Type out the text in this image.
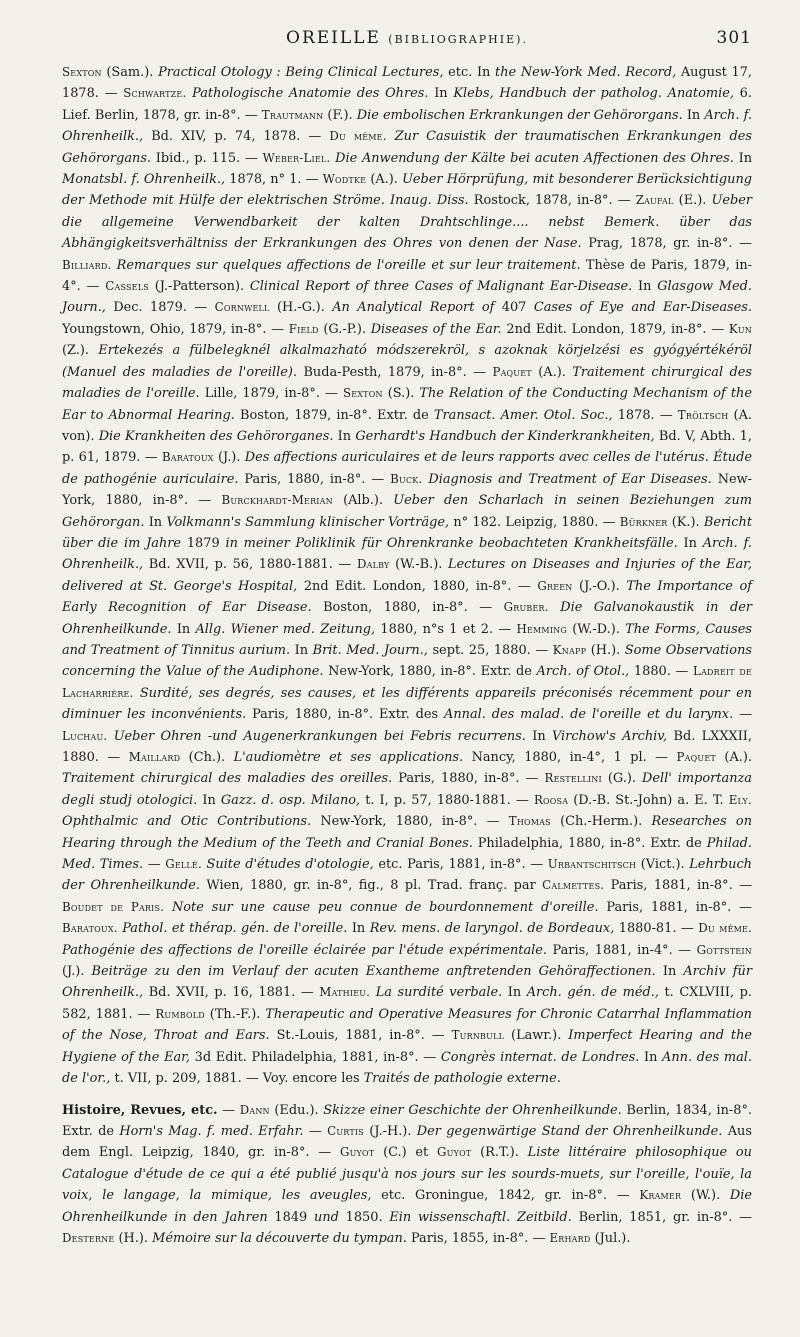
OREILLE (BIBLIOGRAPHIE).	301

Sexton (Sam.). Practical Otology : Being Clinical Lectures, etc. In the New-York Med. Record, August 17, 1878. — Schwartze. Pathologische Anatomie des Ohres. In Klebs, Handbuch der patholog. Anatomie, 6. Lief. Berlin, 1878, gr. in-8°. — Trautmann (F.). Die embolischen Erkrankungen der Gehörorgans. In Arch. f. Ohrenheilk., Bd. XIV, p. 74, 1878. — Du même. Zur Casuistik der traumatischen Erkrankungen des Gehörorgans. Ibid., p. 115. — Weber-Liel. Die Anwendung der Kälte bei acuten Affectionen des Ohres. In Monatsbl. f. Ohrenheilk., 1878, n° 1. — Wodtke (A.). Ueber Hörprüfung, mit besonderer Berücksichtigung der Methode mit Hülfe der elektrischen Ströme. Inaug. Diss. Rostock, 1878, in-8°. — Zaufal (E.). Ueber die allgemeine Verwendbarkeit der kalten Drahtschlinge.... nebst Bemerk. über das Abhängigkeitsverhältniss der Erkrankungen des Ohres von denen der Nase. Prag, 1878, gr. in-8°. — Billiard. Remarques sur quelques affections de l'oreille et sur leur traitement. Thèse de Paris, 1879, in-4°. — Cassels (J.-Patterson). Clinical Report of three Cases of Malignant Ear-Disease. In Glasgow Med. Journ., Dec. 1879. — Cornwell (H.-G.). An Analytical Report of 407 Cases of Eye and Ear-Diseases. Youngstown, Ohio, 1879, in-8°. — Field (G.-P.). Diseases of the Ear. 2nd Edit. London, 1879, in-8°. — Kun (Z.). Ertekezés a fülbelegknél alkalmazható módszerekröl, s azoknak körjelzési es gyógyértékéröl (Manuel des maladies de l'oreille). Buda-Pesth, 1879, in-8°. — Paquet (A.). Traitement chirurgical des maladies de l'oreille. Lille, 1879, in-8°. — Sexton (S.). The Relation of the Conducting Mechanism of the Ear to Abnormal Hearing. Boston, 1879, in-8°. Extr. de Transact. Amer. Otol. Soc., 1878. — Tröltsch (A. von). Die Krankheiten des Gehörorganes. In Gerhardt's Handbuch der Kinderkrankheiten, Bd. V, Abth. 1, p. 61, 1879. — Baratoux (J.). Des affections auriculaires et de leurs rapports avec celles de l'utérus. Étude de pathogénie auriculaire. Paris, 1880, in-8°. — Buck. Diagnosis and Treatment of Ear Diseases. New-York, 1880, in-8°. — Burckhardt-Merian (Alb.). Ueber den Scharlach in seinen Beziehungen zum Gehörorgan. In Volkmann's Sammlung klinischer Vorträge, n° 182. Leipzig, 1880. — Bürkner (K.). Bericht über die im Jahre 1879 in meiner Poliklinik für Ohrenkranke beobachteten Krankheitsfälle. In Arch. f. Ohrenheilk., Bd. XVII, p. 56, 1880-1881. — Dalby (W.-B.). Lectures on Diseases and Injuries of the Ear, delivered at St. George's Hospital, 2nd Edit. London, 1880, in-8°. — Green (J.-O.). The Importance of Early Recognition of Ear Disease. Boston, 1880, in-8°. — Gruber. Die Galvanokaustik in der Ohrenheilkunde. In Allg. Wiener med. Zeitung, 1880, n°s 1 et 2. — Hemming (W.-D.). The Forms, Causes and Treatment of Tinnitus aurium. In Brit. Med. Journ., sept. 25, 1880. — Knapp (H.). Some Observations concerning the Value of the Audiphone. New-York, 1880, in-8°. Extr. de Arch. of Otol., 1880. — Ladreit de Lacharrière. Surdité, ses degrés, ses causes, et les différents appareils préconisés récemment pour en diminuer les inconvénients. Paris, 1880, in-8°. Extr. des Annal. des malad. de l'oreille et du larynx. — Luchau. Ueber Ohren -und Augenerkrankungen bei Febris recurrens. In Virchow's Archiv, Bd. LXXXII, 1880. — Maillard (Ch.). L'audiomètre et ses applications. Nancy, 1880, in-4°, 1 pl. — Paquet (A.). Traitement chirurgical des maladies des oreilles. Paris, 1880, in-8°. — Restellini (G.). Dell' importanza degli studj otologici. In Gazz. d. osp. Milano, t. I, p. 57, 1880-1881. — Roosa (D.-B. St.-John) a. E. T. Ely. Ophthalmic and Otic Contributions. New-York, 1880, in-8°. — Thomas (Ch.-Herm.). Researches on Hearing through the Medium of the Teeth and Cranial Bones. Philadelphia, 1880, in-8°. Extr. de Philad. Med. Times. — Gellé. Suite d'études d'otologie, etc. Paris, 1881, in-8°. — Urbantschitsch (Vict.). Lehrbuch der Ohrenheilkunde. Wien, 1880, gr. in-8°, fig., 8 pl. Trad. franç. par Calmettes. Paris, 1881, in-8°. — Boudet de Paris. Note sur une cause peu connue de bourdonnement d'oreille. Paris, 1881, in-8°. — Baratoux. Pathol. et thérap. gén. de l'oreille. In Rev. mens. de laryngol. de Bordeaux, 1880-81. — Du même. Pathogénie des affections de l'oreille éclairée par l'étude expérimentale. Paris, 1881, in-4°. — Gottstein (J.). Beiträge zu den im Verlauf der acuten Exantheme anftretenden Gehöraffectionen. In Archiv für Ohrenheilk., Bd. XVII, p. 16, 1881. — Mathieu. La surdité verbale. In Arch. gén. de méd., t. CXLVIII, p. 582, 1881. — Rumbold (Th.-F.). Therapeutic and Operative Measures for Chronic Catarrhal Inflammation of the Nose, Throat and Ears. St.-Louis, 1881, in-8°. — Turnbull (Lawr.). Imperfect Hearing and the Hygiene of the Ear, 3d Edit. Philadelphia, 1881, in-8°. — Congrès internat. de Londres. In Ann. des mal. de l'or., t. VII, p. 209, 1881. — Voy. encore les Traités de pathologie externe.

Histoire, Revues, etc. — Dann (Edu.). Skizze einer Geschichte der Ohrenheilkunde. Berlin, 1834, in-8°. Extr. de Horn's Mag. f. med. Erfahr. — Curtis (J.-H.). Der gegenwärtige Stand der Ohrenheilkunde. Aus dem Engl. Leipzig, 1840, gr. in-8°. — Guyot (C.) et Guyot (R.T.). Liste littéraire philosophique ou Catalogue d'étude de ce qui a été publié jusqu'à nos jours sur les sourds-muets, sur l'oreille, l'ouïe, la voix, le langage, la mimique, les aveugles, etc. Groningue, 1842, gr. in-8°. — Kramer (W.). Die Ohrenheilkunde in den Jahren 1849 und 1850. Ein wissenschaftl. Zeitbild. Berlin, 1851, gr. in-8°. — Desterne (H.). Mémoire sur la découverte du tympan. Paris, 1855, in-8°. — Erhard (Jul.).
